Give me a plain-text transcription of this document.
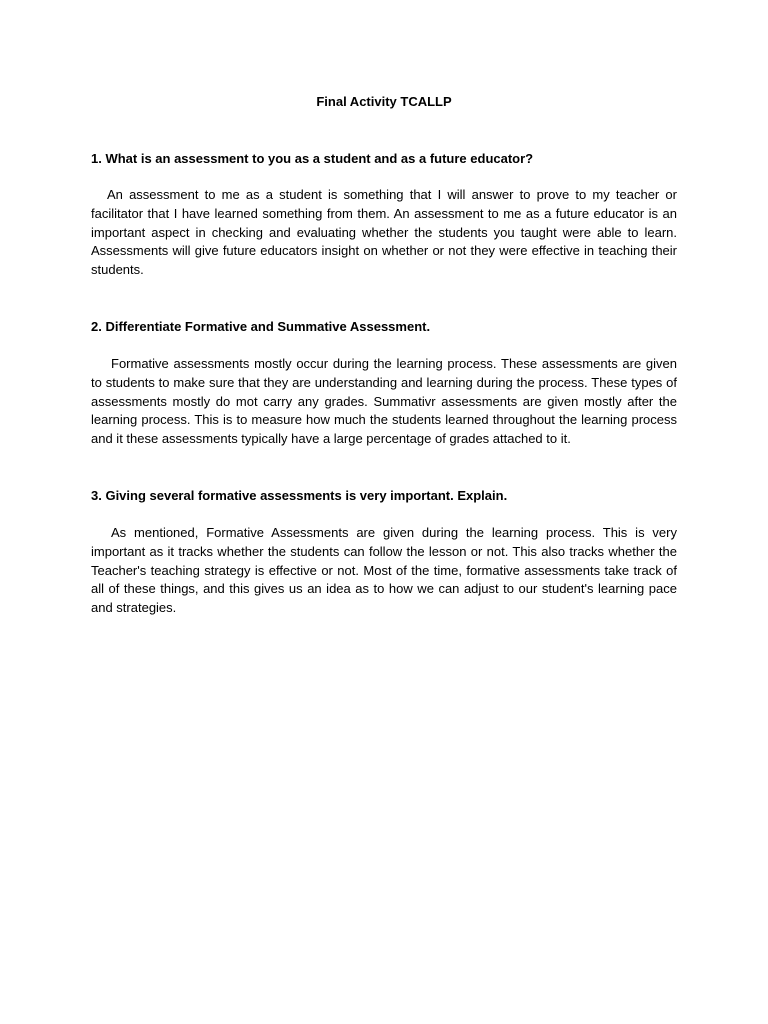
Final Activity TCALLP

1. What is an assessment to you as a student and as a future educator?

An assessment to me as a student is something that I will answer to prove to my teacher or facilitator that I have learned something from them. An assessment to me as a future educator is an important aspect in checking and evaluating whether the students you taught were able to learn. Assessments will give future educators insight on whether or not they were effective in teaching their students.

2. Differentiate Formative and Summative Assessment.

Formative assessments mostly occur during the learning process. These assessments are given to students to make sure that they are understanding and learning during the process. These types of assessments mostly do mot carry any grades. Summativr assessments are given mostly after the learning process. This is to measure how much the students learned throughout the learning process and it these assessments typically have a large percentage of grades attached to it.

3. Giving several formative assessments is very important. Explain.

As mentioned, Formative Assessments are given during the learning process. This is very important as it tracks whether the students can follow the lesson or not. This also tracks whether the Teacher's teaching strategy is effective or not. Most of the time, formative assessments take track of all of these things, and this gives us an idea as to how we can adjust to our student's learning pace and strategies.
